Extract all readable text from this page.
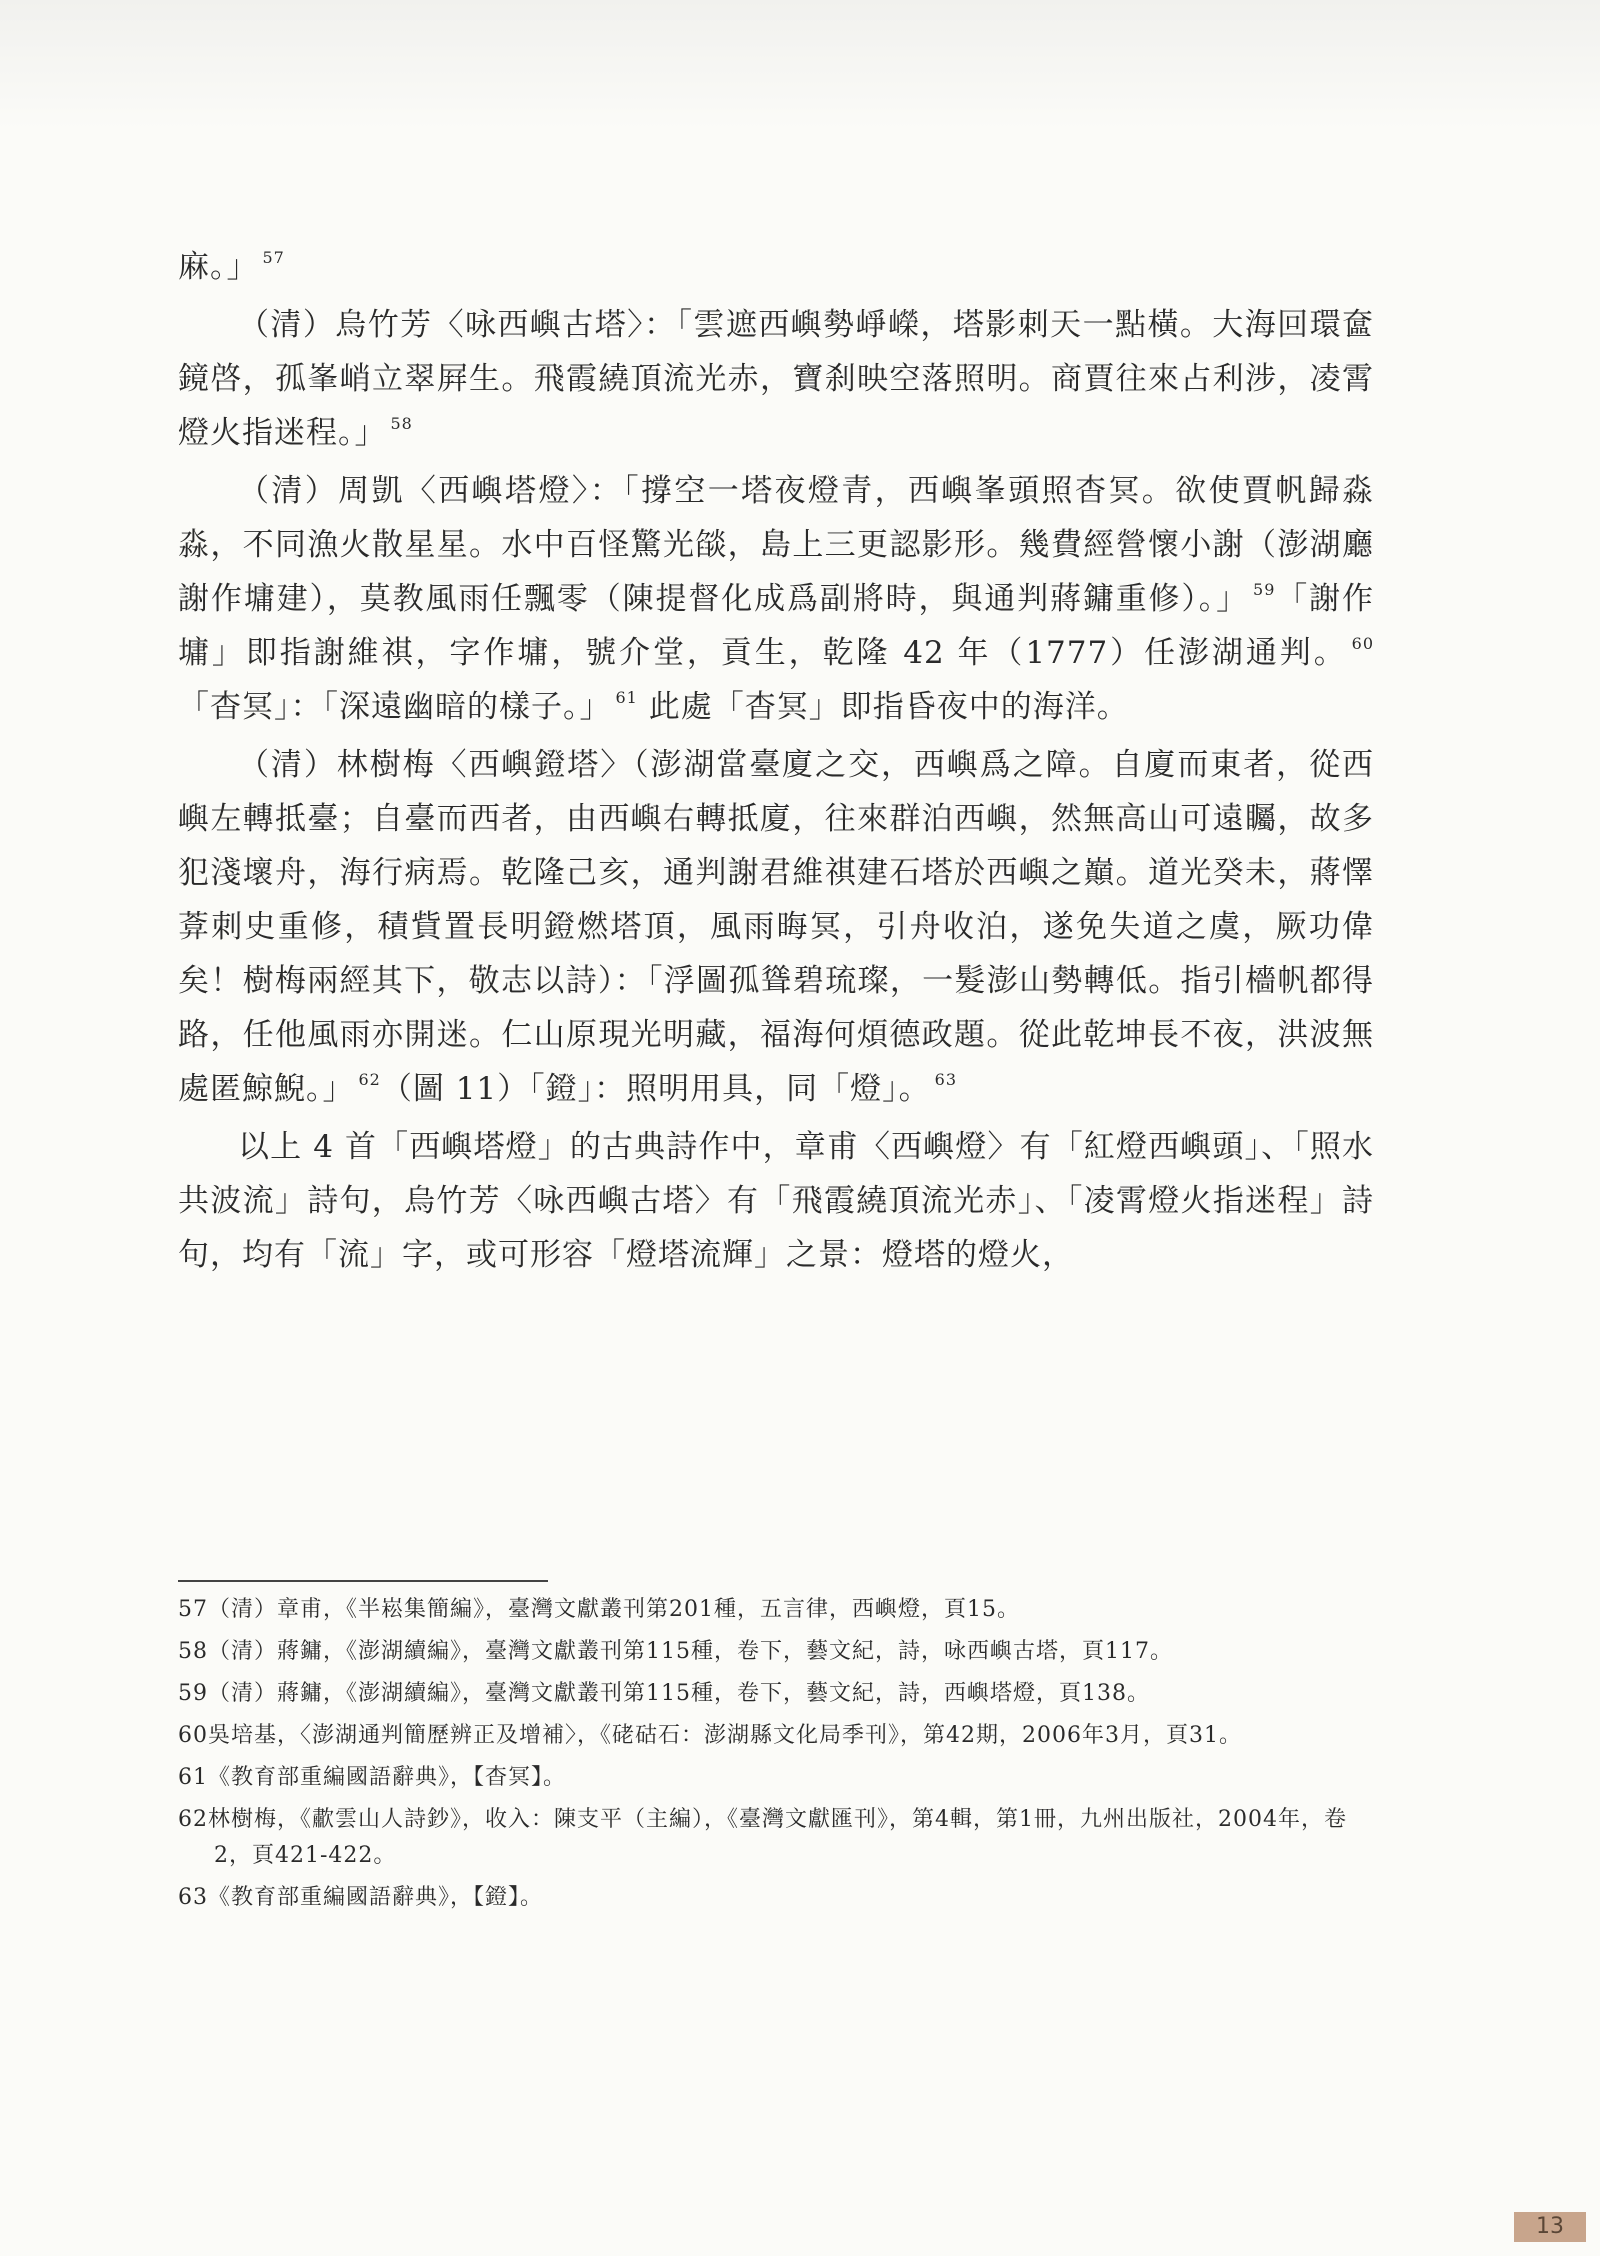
麻。」 $^{57}$

（清）烏竹芳〈咏西嶼古塔〉：「雲遮西嶼勢崢嶸，塔影刺天一點橫。大海回環奩鏡啓，孤峯峭立翠屛生。飛霞繞頂流光赤，寶刹映空落照明。商賈往來占利涉，凌霄燈火指迷程。」 $^{58}$

（清）周凱〈西嶼塔燈〉：「撐空一塔夜燈青，西嶼峯頭照杳冥。欲使賈帆歸淼淼，不同漁火散星星。水中百怪驚光燄，島上三更認影形。幾費經營懷小謝（澎湖廳謝作墉建），莫教風雨任飄零（陳提督化成爲副將時，與通判蔣鏞重修）。」 $^{59}$「謝作墉」即指謝維祺，字作墉，號介堂，貢生，乾隆 42 年（1777）任澎湖通判。 $^{60}$「杳冥」：「深遠幽暗的樣子。」 $^{61}$ 此處「杳冥」即指昏夜中的海洋。

（清）林樹梅〈西嶼鐙塔〉（澎湖當臺廈之交，西嶼爲之障。自廈而東者，從西嶼左轉抵臺；自臺而西者，由西嶼右轉抵廈，往來群泊西嶼，然無高山可遠矚，故多犯淺壞舟，海行病焉。乾隆己亥，通判謝君維祺建石塔於西嶼之巔。道光癸未，蔣懌葊刺史重修，積貲置長明鐙燃塔頂，風雨晦冥，引舟收泊，遂免失道之虞，厥功偉矣！樹梅兩經其下，敬志以詩）：「浮圖孤聳碧琉璨，一髮澎山勢轉低。指引檣帆都得路，任他風雨亦開迷。仁山原現光明藏，福海何煩德政題。從此乾坤長不夜，洪波無處匿鯨鯢。」 $^{62}$（圖 11）「鐙」：照明用具，同「燈」。 $^{63}$

以上 4 首「西嶼塔燈」的古典詩作中，章甫〈西嶼燈〉有「紅燈西嶼頭」、「照水共波流」詩句，烏竹芳〈咏西嶼古塔〉有「飛霞繞頂流光赤」、「凌霄燈火指迷程」詩句，均有「流」字，或可形容「燈塔流輝」之景：燈塔的燈火，

57（清）章甫，《半崧集簡編》，臺灣文獻叢刊第201種，五言律，西嶼燈，頁15。

58（清）蔣鏞，《澎湖續編》，臺灣文獻叢刊第115種，卷下，藝文紀，詩，咏西嶼古塔，頁117。

59（清）蔣鏞，《澎湖續編》，臺灣文獻叢刊第115種，卷下，藝文紀，詩，西嶼塔燈，頁138。

60吳培基，〈澎湖通判簡歷辨正及增補〉，《硓𥑮石：澎湖縣文化局季刊》，第42期，2006年3月，頁31。

61《教育部重編國語辭典》，【杳冥】。

62林樹梅，《歗雲山人詩鈔》，收入：陳支平（主編），《臺灣文獻匯刊》，第4輯，第1冊，九州出版社，2004年，卷2，頁421-422。

63《教育部重編國語辭典》，【鐙】。

13
